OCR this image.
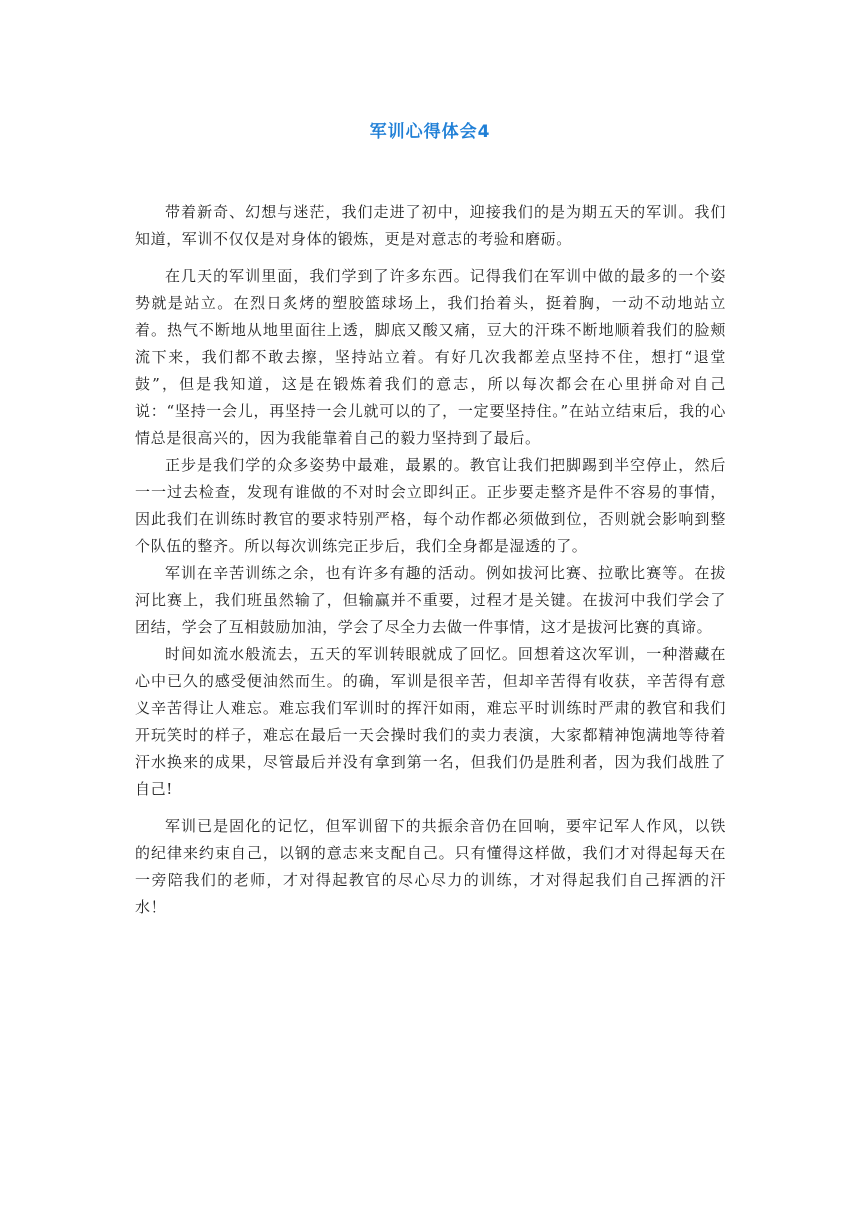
军训心得体会4

带着新奇、幻想与迷茫，我们走进了初中，迎接我们的是为期五天的军训。我们知道，军训不仅仅是对身体的锻炼，更是对意志的考验和磨砺。

在几天的军训里面，我们学到了许多东西。记得我们在军训中做的最多的一个姿势就是站立。在烈日炙烤的塑胶篮球场上，我们抬着头，挺着胸，一动不动地站立着。热气不断地从地里面往上透，脚底又酸又痛，豆大的汗珠不断地顺着我们的脸颊流下来，我们都不敢去擦，坚持站立着。有好几次我都差点坚持不住，想打“退堂鼓”，但是我知道，这是在锻炼着我们的意志，所以每次都会在心里拼命对自己说：“坚持一会儿，再坚持一会儿就可以的了，一定要坚持住。”在站立结束后，我的心情总是很高兴的，因为我能靠着自己的毅力坚持到了最后。

正步是我们学的众多姿势中最难，最累的。教官让我们把脚踢到半空停止，然后一一过去检查，发现有谁做的不对时会立即纠正。正步要走整齐是件不容易的事情，因此我们在训练时教官的要求特别严格，每个动作都必须做到位，否则就会影响到整个队伍的整齐。所以每次训练完正步后，我们全身都是湿透的了。

军训在辛苦训练之余，也有许多有趣的活动。例如拔河比赛、拉歌比赛等。在拔河比赛上，我们班虽然输了，但输赢并不重要，过程才是关键。在拔河中我们学会了团结，学会了互相鼓励加油，学会了尽全力去做一件事情，这才是拔河比赛的真谛。

时间如流水般流去，五天的军训转眼就成了回忆。回想着这次军训，一种潜藏在心中已久的感受便油然而生。的确，军训是很辛苦，但却辛苦得有收获，辛苦得有意义辛苦得让人难忘。难忘我们军训时的挥汗如雨，难忘平时训练时严肃的教官和我们开玩笑时的样子，难忘在最后一天会操时我们的卖力表演，大家都精神饱满地等待着汗水换来的成果，尽管最后并没有拿到第一名，但我们仍是胜利者，因为我们战胜了自己!

军训已是固化的记忆，但军训留下的共振余音仍在回响，要牢记军人作风，以铁的纪律来约束自己，以钢的意志来支配自己。只有懂得这样做，我们才对得起每天在一旁陪我们的老师，才对得起教官的尽心尽力的训练，才对得起我们自己挥洒的汗水！
